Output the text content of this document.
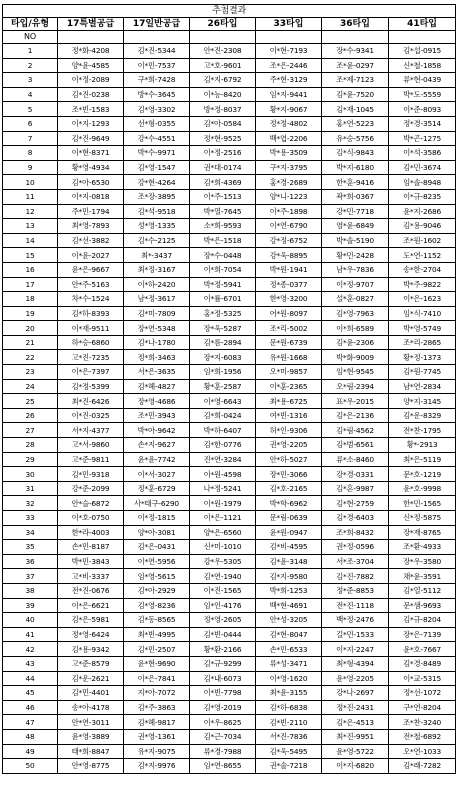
추첨결과						
타입/유형	17특별공급	17일반공급	26타입	33타입	36타입	41타입
NO						
1	정*화-4208	김*진-5344	안*진-2308	이*현-7193	장*수-9341	김*섭-0915
2	양*윤-4585	이*민-7537	고*호-9601	조*은-2446	조*윤-0297	신*철-1858
3	이*정-2089	구*희-7428	김*지-6792	주*현-3129	조*제-7123	류*현-0439
4	김*진-0238	방*수-3645	이*능-8420	임*지-9441	김*윤-7520	박*도-5559
5	조*빈-1583	김*영-3302	방*정-8037	황*지-9067	김*재-1045	이*준-8093
6	이*지-1293	선*형-0355	김*아-0584	정*정-4802	홍*연-5223	정*경-3514
7	김*진-9649	강*수-4551	정*현-9525	백*엽-2206	유*승-5756	박*곤-1275
8	이*현-8371	박*수-9971	이*정-2516	박*용-3509	김*식-9843	이*석-3586
9	황*영-4934	김*영-1547	권*대-0174	구*지-3795	박*지-6180	김*민-3674
10	김*아-6530	강*현-4264	김*희-4369	홍*경-2689	한*훈-9416	임*솔-8948
11	이*지-0818	조*장-3895	이*주-1513	양*니-1223	곽*희-0367	이*규-8235
12	주*민-1794	김*석-9518	박*열-7645	이*주-1898	강*민-7718	윤*지-2686
13	최*영-7893	성*영-1335	소*희-9593	이*연-6790	염*윤-6849	김*용-9046
14	김*선-3882	김*수-2125	박*은-1518	강*정-6752	박*솔-5190	조*원-1602
15	이*윤-2027	최*-3437	장*수-0448	강*욱-8895	황*민-2428	도*연-1152
16	윤*은-9667	최*정-3167	이*희-7054	박*원-1941	남*우-7836	송*한-2704
17	안*주-5163	이*하-2420	박*정-5941	정*종-0377	이*정-9707	박*주-9822
18	차*수-1524	남*정-3617	이*률-6701	한*영-3200	설*훈-0827	이*은-1623
19	김*하-8393	김*미-7809	홍*정-5325	어*원-8097	김*영-7963	임*식-7410
20	이*재-9511	장*연-5348	장*욱-5287	조*리-5002	이*희-6589	박*영-5749
21	하*승-6860	김*나-1780	김*름-2894	문*원-6739	김*윤-2306	조*리-2865
22	고*진-7235	정*희-3463	장*지-6083	유*원-1668	박*화-9009	황*정-1373
23	이*은-7397	서*은-3635	임*희-1956	오*미-9857	임*현-9545	김*원-7745
24	김*정-5399	김*혜-4827	황*훈-2587	이*훈-2365	오*림-2394	남*연-2834
25	최*진-6426	장*영-4686	이*영-6643	최*용-6725	표*우-2015	양*지-3145
26	이*진-0325	조*민-3943	김*희-0424	여*빈-1316	김*은-2136	김*운-8329
27	서*지-4377	박*아-9642	박*하-6407	허*인-9306	김*림-4562	전*찬-1795
28	고*서-9860	손*지-9627	김*한-0776	권*영-2205	김*범-6561	황*-2913
29	고*준-9811	윤*윤-7742	진*연-3284	안*하-5027	류*소-8460	최*은-5119
30	김*민-9318	이*서-3027	이*원-4598	장*민-3066	강*경-0331	문*호-1219
31	강*준-2099	정*훈-6729	나*정-5241	김*호-2165	김*흔-9987	윤*호-9998
32	안*슬-6872	사*태구-6290	이*원-1979	박*학-6962	김*현-2759	한*민-1565
33	이*호-0750	이*정-1815	이*은-1121	문*림-0639	김*경-6403	신*정-5875
34	한*라-4003	양*아-3081	양*은-6560	윤*원-0947	조*희-8432	장*재-8765
35	손*민-8187	김*은-0431	신*미-1010	김*비-4595	권*정-0596	조*환-4933
36	박*민-3843	이*연-5956	강*우-5305	김*윤-3148	서*조-3704	장*우-3580
37	고*비-3337	임*영-5615	김*연-1940	김*지-9580	김*진-7882	채*윤-3591
38	전*진-0676	김*아-2929	이*진-1565	박*희-1253	정*준-8853	김*열-5112
39	이*은-6621	김*영-8236	임*인-4176	백*현-4691	전*진-1118	문*샘-9693
40	김*은-5981	김*동-8565	정*영-2605	안*성-3205	백*정-2476	김*규-8204
41	정*영-6424	최*빈-4995	김*빈-0444	김*현-8047	길*민-1533	장*은-7139
42	김*용-9342	김*민-2507	황*환-2166	손*민-6533	이*지-2247	윤*호-7667
43	고*준-8579	윤*현-9690	김*규-9299	류*성-3471	최*형-4394	김*경-8489
44	김*운-2621	이*은-7841	김*내-6073	이*영-1620	윤*영-2205	이*교-5315
45	김*민-4401	지*아-7072	이*빈-7798	최*윤-3155	강*나-2697	정*선-1072
46	송*아-4178	김*주-3863	김*영-2019	김*하-6838	정*진-2431	구*연-8204
47	안*연-3011	김*혜-9817	이*우-8625	김*빈-2110	김*은-4513	조*찬-3240
48	윤*영-3889	권*영-1361	김*근-7034	서*진-7836	최*진-9951	전*철-6892
49	태*희-8847	유*지-9075	류*경-7988	김*욱-5495	윤*영-5722	오*연-1033
50	안*영-8775	김*지-9976	임*연-8655	권*술-7218	이*지-6820	김*래-7282
